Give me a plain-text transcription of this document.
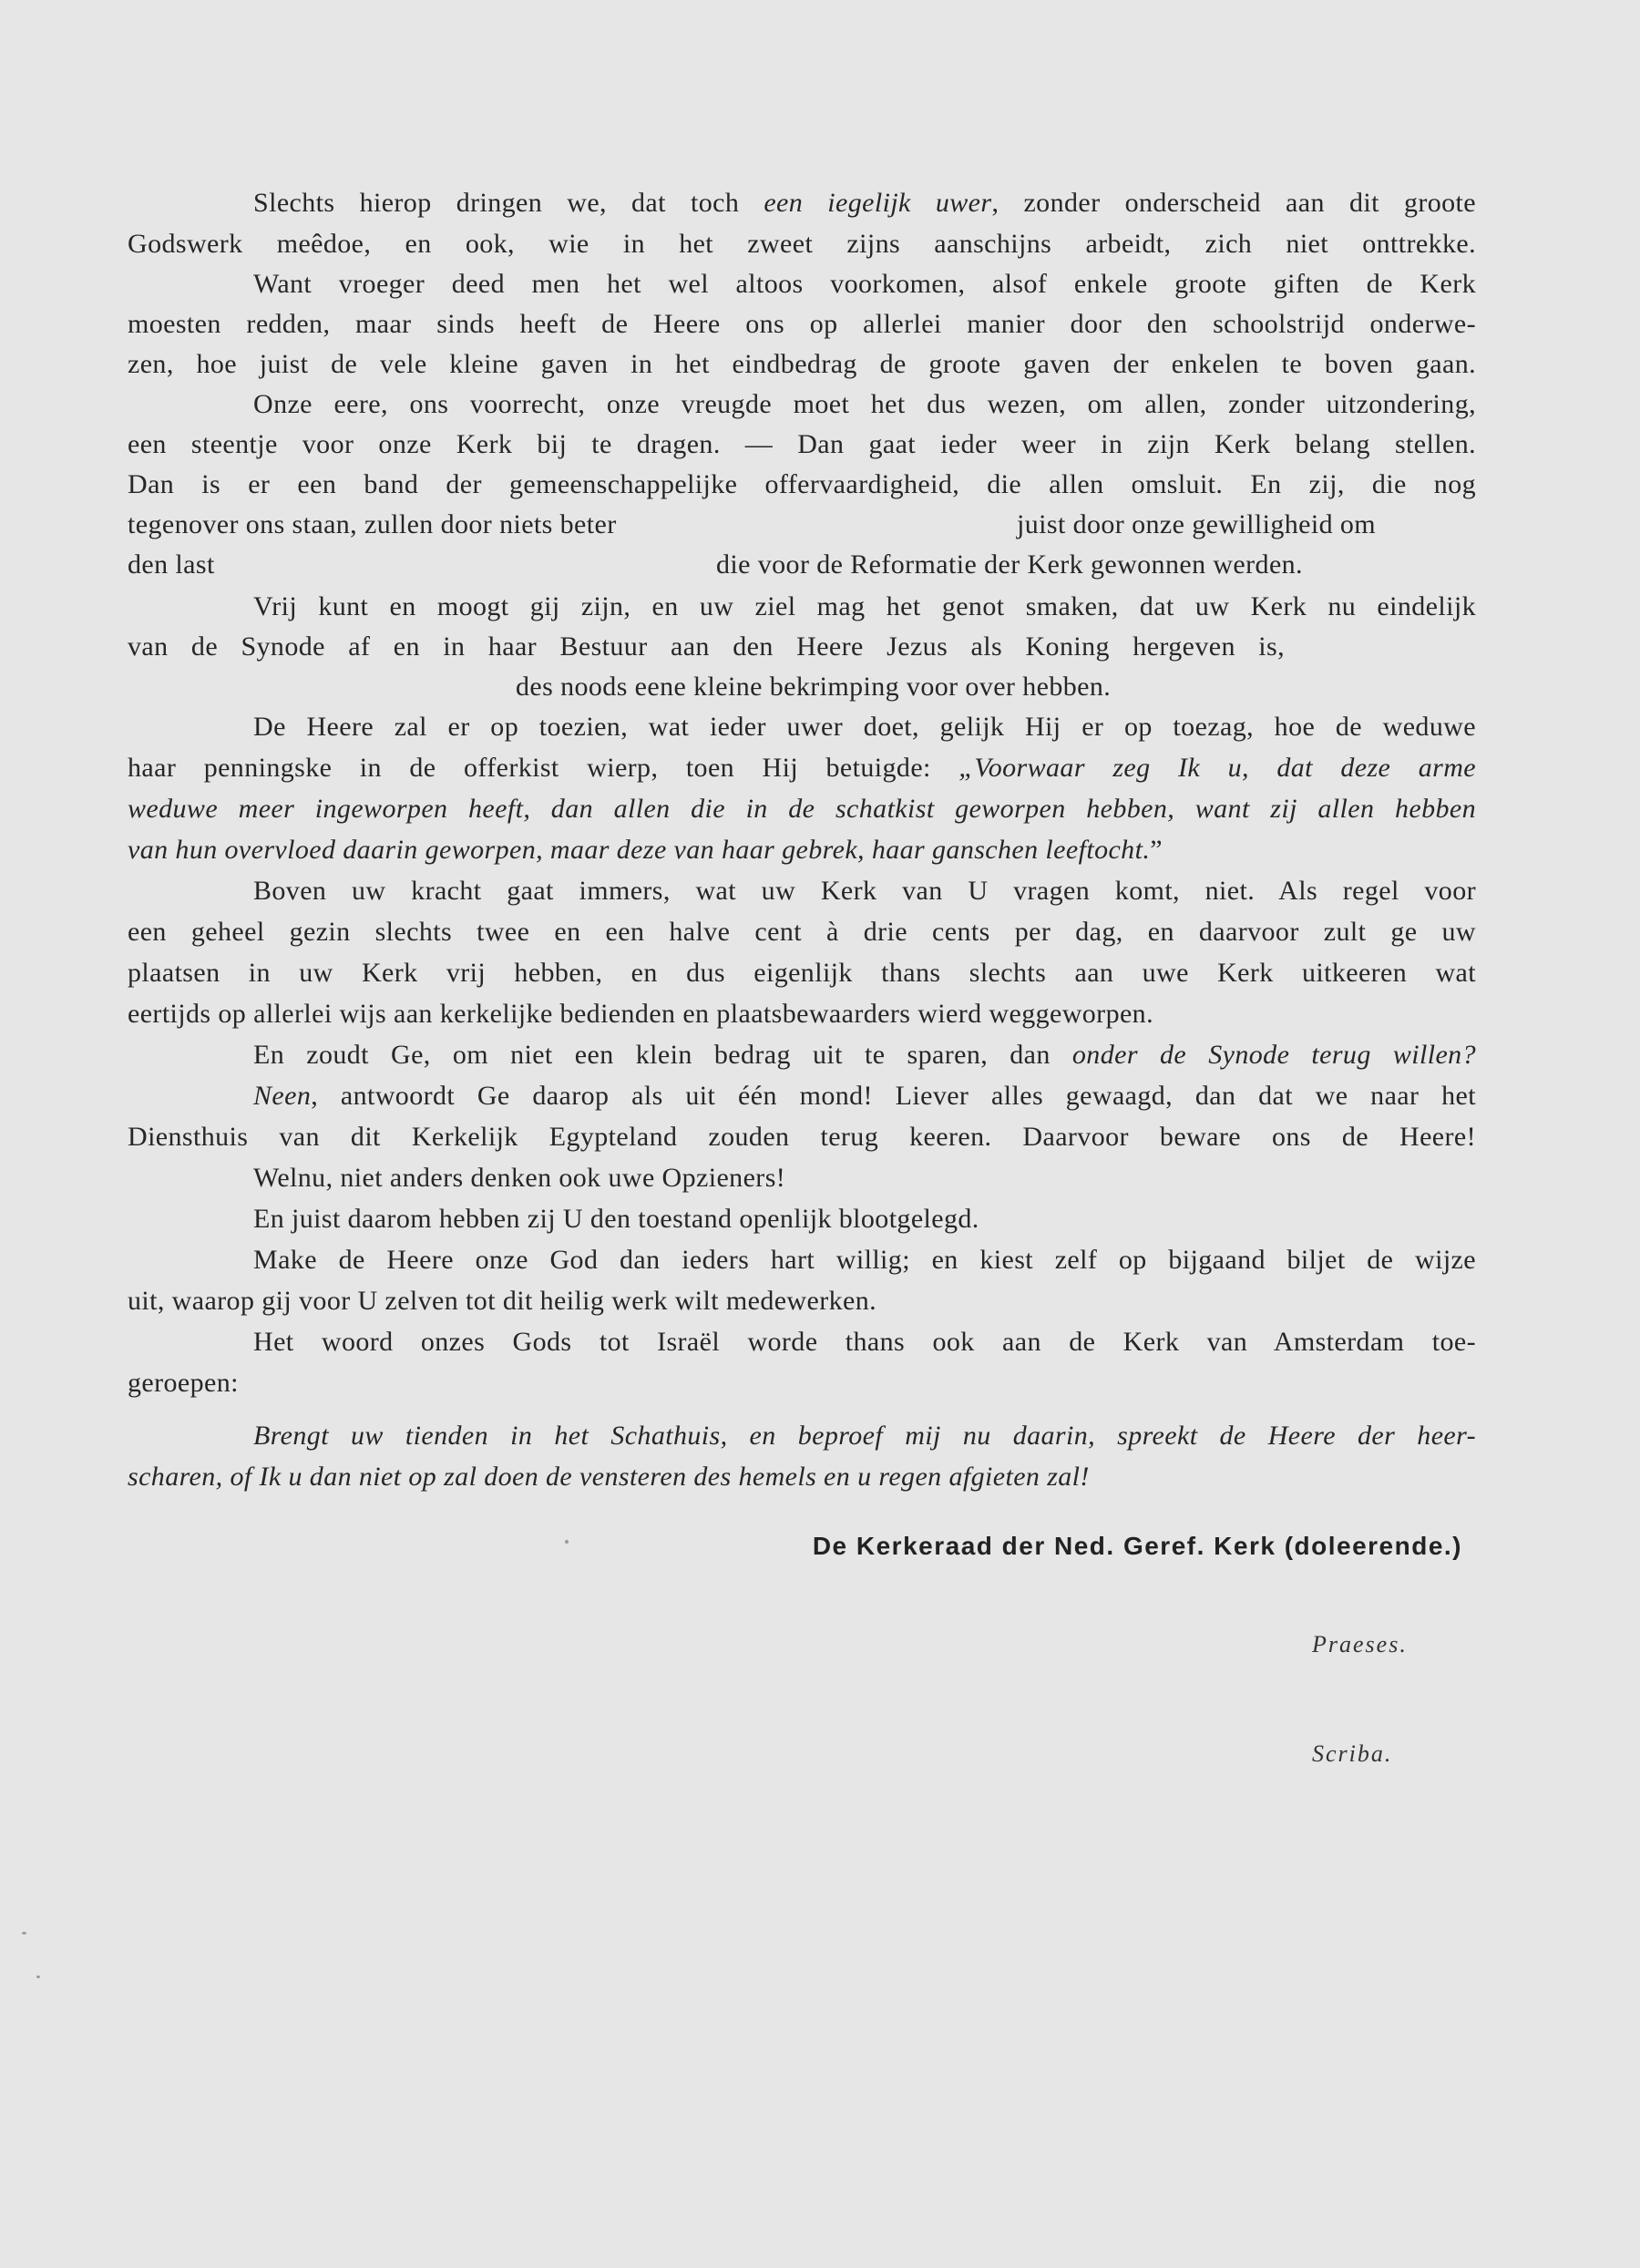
Slechts hierop dringen we, dat toch een iegelijk uwer, zonder onderscheid aan dit groote
Godswerk meêdoe, en ook, wie in het zweet zijns aanschijns arbeidt, zich niet onttrekke.
Want vroeger deed men het wel altoos voorkomen, alsof enkele groote giften de Kerk
moesten redden, maar sinds heeft de Heere ons op allerlei manier door den schoolstrijd onderwe-
zen, hoe juist de vele kleine gaven in het eindbedrag de groote gaven der enkelen te boven gaan.
Onze eere, ons voorrecht, onze vreugde moet het dus wezen, om allen, zonder uitzondering,
een steentje voor onze Kerk bij te dragen. — Dan gaat ieder weer in zijn Kerk belang stellen.
Dan is er een band der gemeenschappelijke offervaardigheid, die allen omsluit. En zij, die nog
tegenover ons staan, zullen door niets beter	juist door onze gewilligheid om
den last	die voor de Reformatie der Kerk gewonnen werden.
Vrij kunt en moogt gij zijn, en uw ziel mag het genot smaken, dat uw Kerk nu eindelijk
van de Synode af en in haar Bestuur aan den Heere Jezus als Koning hergeven is,
des noods eene kleine bekrimping voor over hebben.
De Heere zal er op toezien, wat ieder uwer doet, gelijk Hij er op toezag, hoe de weduwe
haar penningske in de offerkist wierp, toen Hij betuigde: „Voorwaar zeg Ik u, dat deze arme
weduwe meer ingeworpen heeft, dan allen die in de schatkist geworpen hebben, want zij allen hebben
van hun overvloed daarin geworpen, maar deze van haar gebrek, haar ganschen leeftocht.”
Boven uw kracht gaat immers, wat uw Kerk van U vragen komt, niet. Als regel voor
een geheel gezin slechts twee en een halve cent à drie cents per dag, en daarvoor zult ge uw
plaatsen in uw Kerk vrij hebben, en dus eigenlijk thans slechts aan uwe Kerk uitkeeren wat
eertijds op allerlei wijs aan kerkelijke bedienden en plaatsbewaarders wierd weggeworpen.
En zoudt Ge, om niet een klein bedrag uit te sparen, dan onder de Synode terug willen?
Neen, antwoordt Ge daarop als uit één mond! Liever alles gewaagd, dan dat we naar het
Diensthuis van dit Kerkelijk Egypteland zouden terug keeren. Daarvoor beware ons de Heere!
Welnu, niet anders denken ook uwe Opzieners!
En juist daarom hebben zij U den toestand openlijk blootgelegd.
Make de Heere onze God dan ieders hart willig; en kiest zelf op bijgaand biljet de wijze
uit, waarop gij voor U zelven tot dit heilig werk wilt medewerken.
Het woord onzes Gods tot Israël worde thans ook aan de Kerk van Amsterdam toe-
geroepen:
Brengt uw tienden in het Schathuis, en beproef mij nu daarin, spreekt de Heere der heer-
scharen, of Ik u dan niet op zal doen de vensteren des hemels en u regen afgieten zal!
De Kerkeraad der Ned. Geref. Kerk (doleerende.)
Praeses.
Scriba.
